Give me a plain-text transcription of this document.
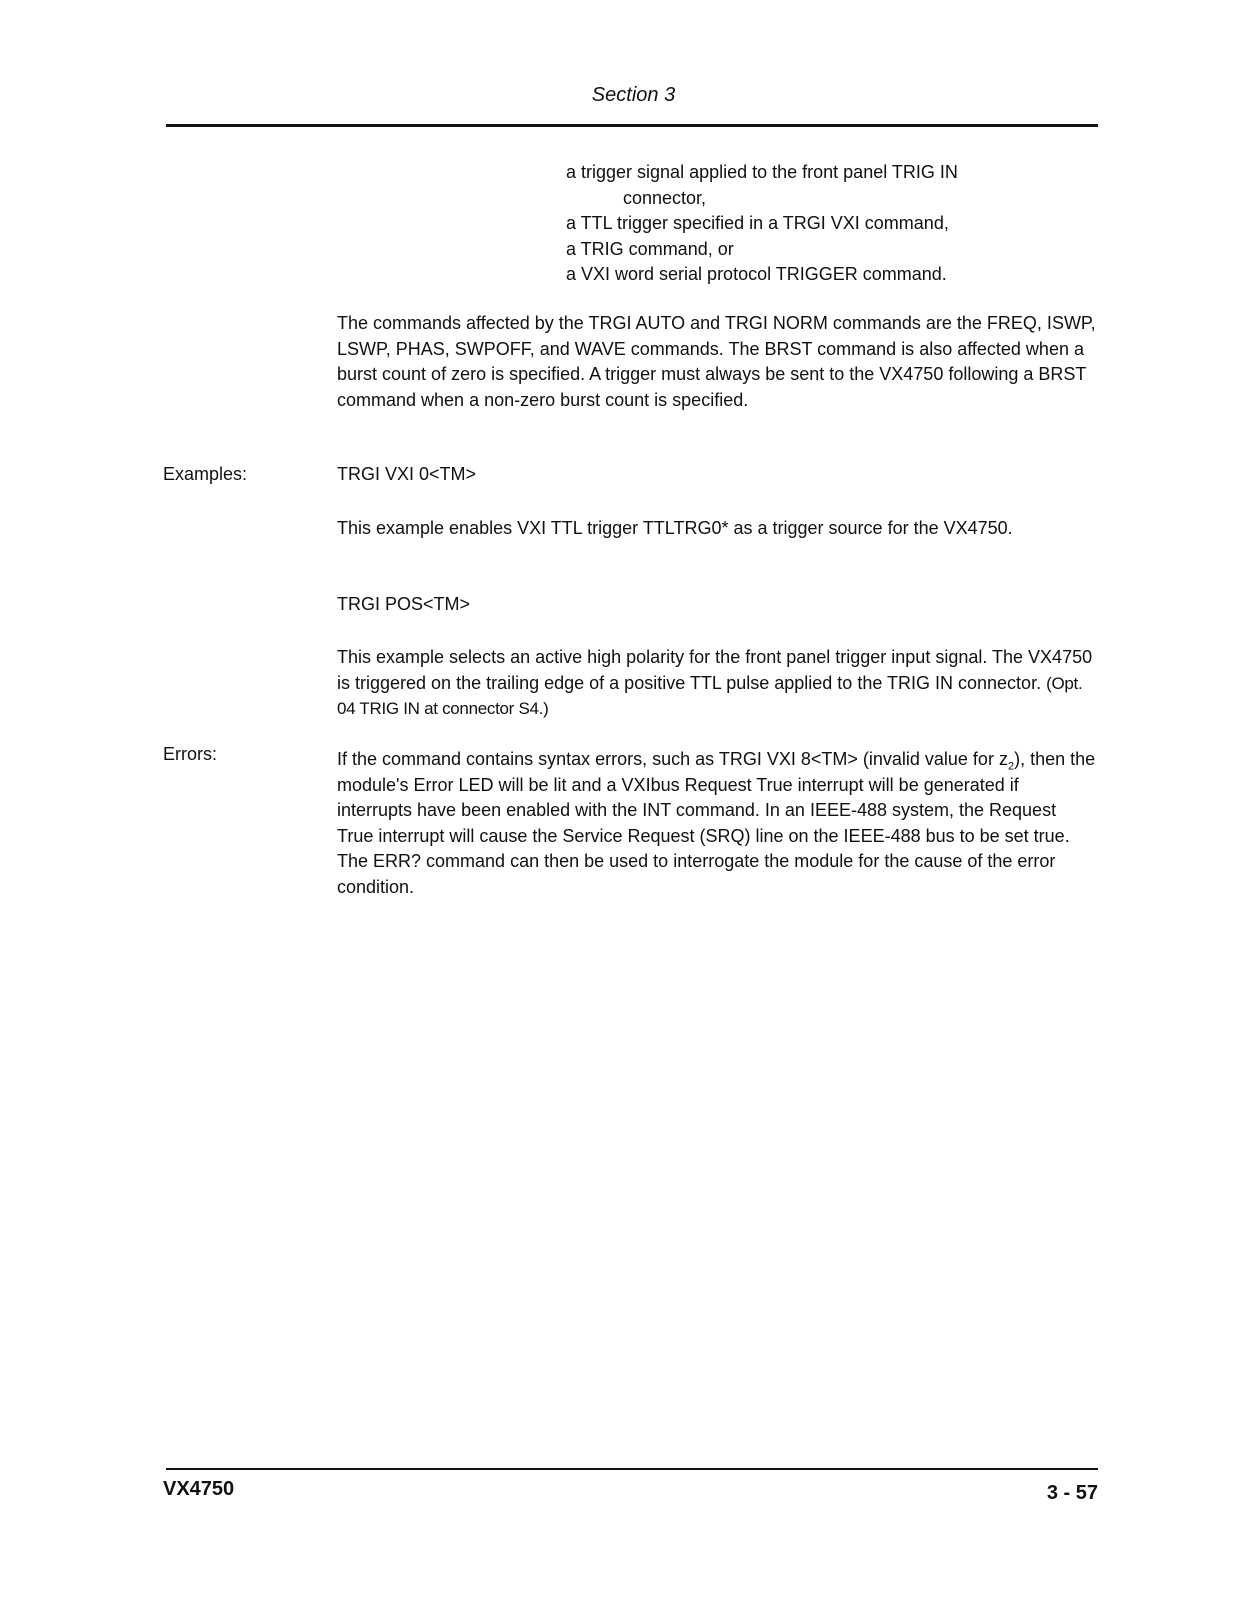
Section 3
a trigger signal applied to the front panel TRIG IN
connector,
a TTL trigger specified in a TRGI VXI command,
a TRIG command, or
a VXI word serial protocol TRIGGER command.
The commands affected by the TRGI AUTO and TRGI NORM commands are the FREQ, ISWP, LSWP, PHAS, SWPOFF, and WAVE commands. The BRST command is also affected when a burst count of zero is specified. A trigger must always be sent to the VX4750 following a BRST command when a non-zero burst count is specified.
Examples:	TRGI VXI 0<TM>
This example enables VXI TTL trigger TTLTRG0* as a trigger source for the VX4750.
TRGI POS<TM>
This example selects an active high polarity for the front panel trigger input signal. The VX4750 is triggered on the trailing edge of a positive TTL pulse applied to the TRIG IN connector. (Opt. 04 TRIG IN at connector S4.)
Errors:	If the command contains syntax errors, such as TRGI VXI 8<TM> (invalid value for $z_2$), then the module's Error LED will be lit and a VXIbus Request True interrupt will be generated if interrupts have been enabled with the INT command. In an IEEE-488 system, the Request True interrupt will cause the Service Request (SRQ) line on the IEEE-488 bus to be set true. The ERR? command can then be used to interrogate the module for the cause of the error condition.
VX4750	3 - 57
